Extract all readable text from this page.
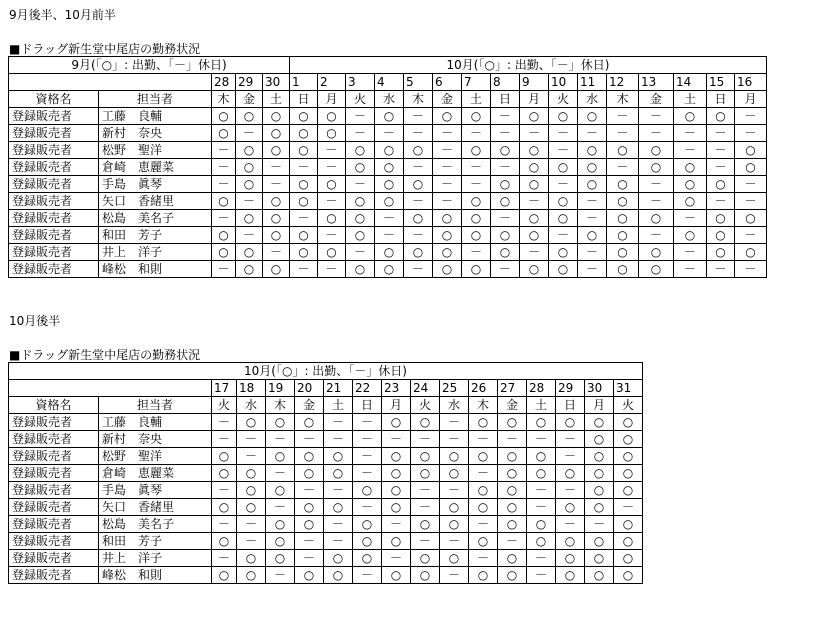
9月後半、10月前半
■ドラッグ新生堂中尾店の勤務状況
9月(「○」: 出勤、「－」休日)					10月(「○」: 出勤、「－」休日)															
		28	29	30	1	2	3	4	5	6	7	8	9	10	11	12	13	14	15	16
資格名	担当者	木	金	土	日	月	火	水	木	金	土	日	月	火	水	木	金	土	日	月
登録販売者	工藤　良輔	○	○	○	○	○	－	○	－	○	○	－	○	○	○	－	－	○	○	－
登録販売者	新村　奈央	○	－	○	○	○	－	－	－	－	－	－	－	－	－	－	－	－	－	－
登録販売者	松野　聖洋	－	○	○	○	－	○	○	○	－	○	○	○	－	○	○	○	－	－	○
登録販売者	倉崎　恵麗菜	－	○	－	－	－	○	○	－	－	－	－	○	○	○	－	○	○	－	○
登録販売者	手島　眞琴	－	○	－	○	○	－	○	○	－	－	○	○	－	○	○	－	○	○	－
登録販売者	矢口　香緒里	○	－	○	○	－	○	○	－	－	○	○	－	○	－	○	－	○	－	－
登録販売者	松島　美名子	－	○	○	－	○	○	－	○	○	○	－	○	○	－	○	○	－	○	○
登録販売者	和田　芳子	○	－	○	○	－	○	－	－	○	○	○	○	－	○	○	－	○	○	－
登録販売者	井上　洋子	○	○	－	○	○	－	○	○	○	－	○	－	○	－	○	○	－	○	○
登録販売者	峰松　和則	－	○	○	－	－	○	○	－	○	○	－	○	○	－	○	○	－	－	－
10月後半
■ドラッグ新生堂中尾店の勤務状況
10月(「○」: 出勤、「－」休日)																
		17	18	19	20	21	22	23	24	25	26	27	28	29	30	31
資格名	担当者	火	水	木	金	土	日	月	火	水	木	金	土	日	月	火
登録販売者	工藤　良輔	－	○	○	○	－	－	○	○	－	○	○	○	○	○	○
登録販売者	新村　奈央	－	－	－	－	－	－	－	－	－	－	－	－	－	○	○
登録販売者	松野　聖洋	○	－	○	○	○	－	○	○	○	○	○	○	－	○	○
登録販売者	倉崎　恵麗菜	○	○	－	○	○	－	○	○	○	－	○	○	○	○	○
登録販売者	手島　眞琴	－	○	○	－	－	○	○	－	－	○	○	－	－	○	○
登録販売者	矢口　香緒里	○	○	－	○	○	－	○	－	○	○	○	－	○	○	－
登録販売者	松島　美名子	－	－	○	○	－	○	－	○	○	－	○	○	－	－	○
登録販売者	和田　芳子	○	－	○	－	－	○	○	－	－	○	－	○	○	○	○
登録販売者	井上　洋子	－	○	○	－	○	○	－	○	○	－	○	－	○	○	○
登録販売者	峰松　和則	○	○	－	○	○	－	○	○	－	○	○	－	○	○	○
